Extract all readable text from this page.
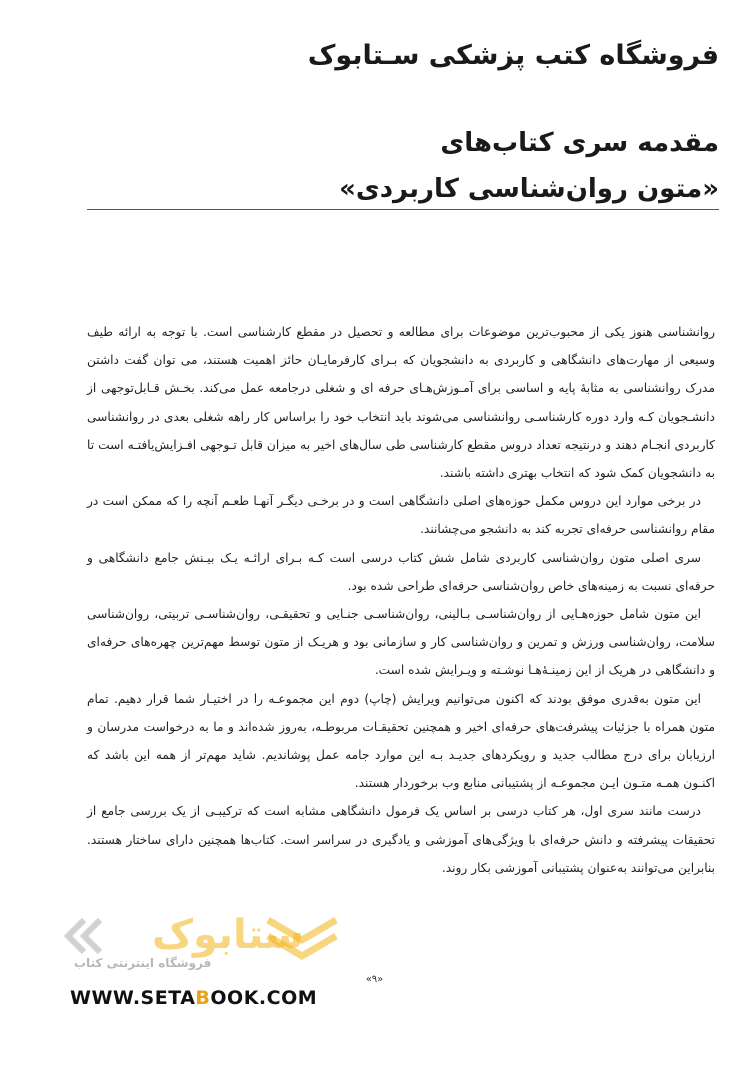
فروشگاه کتب پزشکی سـتابوک
مقدمه سری کتاب‌های
«متون روان‌شناسی کاربردی»

روانشناسی هنوز یکی از محبوب‌ترین موضوعات برای مطالعه و تحصیل در مقطع کارشناسی است. با توجه به ارائه طیف وسیعی از مهارت‌های دانشگاهی و کاربردی به دانشجویان که بـرای کارفرمایـان حائز اهمیت هستند، می توان گفت داشتن مدرک روانشناسی به مثابهٔ پایه و اساسی برای آمـوزش‌هـای حرفه ای و شغلی درجامعه عمل می‌کند. بخـش قـابل‌توجهی از دانشـجویان کـه وارد دوره کارشناسـی روانشناسی می‌شوند باید انتخاب خود را براساس کار راهه شغلی بعدی در روانشناسی کاربردی انجـام دهند و درنتیجه تعداد دروس مقطع کارشناسی طی سال‌های اخیر به میزان قابل تـوجهی افـزایش‌یافتـه است تا به دانشجویان کمک شود که انتخاب بهتری داشته باشند.

در برخی موارد این دروس مکمل حوزه‌های اصلی دانشگاهی است و در برخـی دیگـر آنهـا طعـم آنچه را که ممکن است در مقام روانشناسی حرفه‌ای تجربه کند به دانشجو می‌چشانند.

سری اصلی متون روان‌شناسی کاربردی شامل شش کتاب درسی است کـه بـرای ارائـه یـک بیـنش جامع دانشگاهی و حرفه‌ای نسبت به زمینه‌های خاص روان‌شناسی حرفه‌ای طراحی شده بود.

این متون شامل حوزه‌هـایی از روان‌شناسـی بـالینی، روان‌شناسـی جنـایی و تحقیقـی، روان‌شناسـی تربیتی، روان‌شناسی سلامت، روان‌شناسی ورزش و تمرین و روان‌شناسی کار و سازمانی بود و هریـک از متون توسط مهم‌ترین چهره‌های حرفه‌ای و دانشگاهی در هریک از این زمینـهٔ‌هـا نوشـته و ویـرایش شده است.

این متون به‌قدری موفق بودند که اکنون می‌توانیم ویرایش (چاپ) دوم این مجموعـه را در اختیـار شما قرار دهیم. تمام متون همراه با جزئیات پیشرفت‌های حرفه‌ای اخیر و همچنین تحقیقـات مربوطـه، به‌روز شده‌اند و ما به درخواست مدرسان و ارزیابان برای درج مطالب جدید و رویکردهای جدیـد بـه این موارد جامه عمل پوشاندیم. شاید مهم‌تر از همه این باشد که اکنـون همـه متـون ایـن مجموعـه از پشتیبانی منابع وب برخوردار هستند.

درست مانند سری اول، هر کتاب درسی بر اساس یک فرمول دانشگاهی مشابه است که ترکیبـی از یک بررسی جامع از تحقیقات پیشرفته و دانش حرفه‌ای با ویژگی‌های آموزشی و یادگیری در سراسر است. کتاب‌ها همچنین دارای ساختار هستند. بنابراین می‌توانند به‌عنوان پشتیبانی آموزشی بکار روند.

ستابوک
فروشگاه اینترنتی کتاب
«۹»
WWW.SETABOOK.COM
